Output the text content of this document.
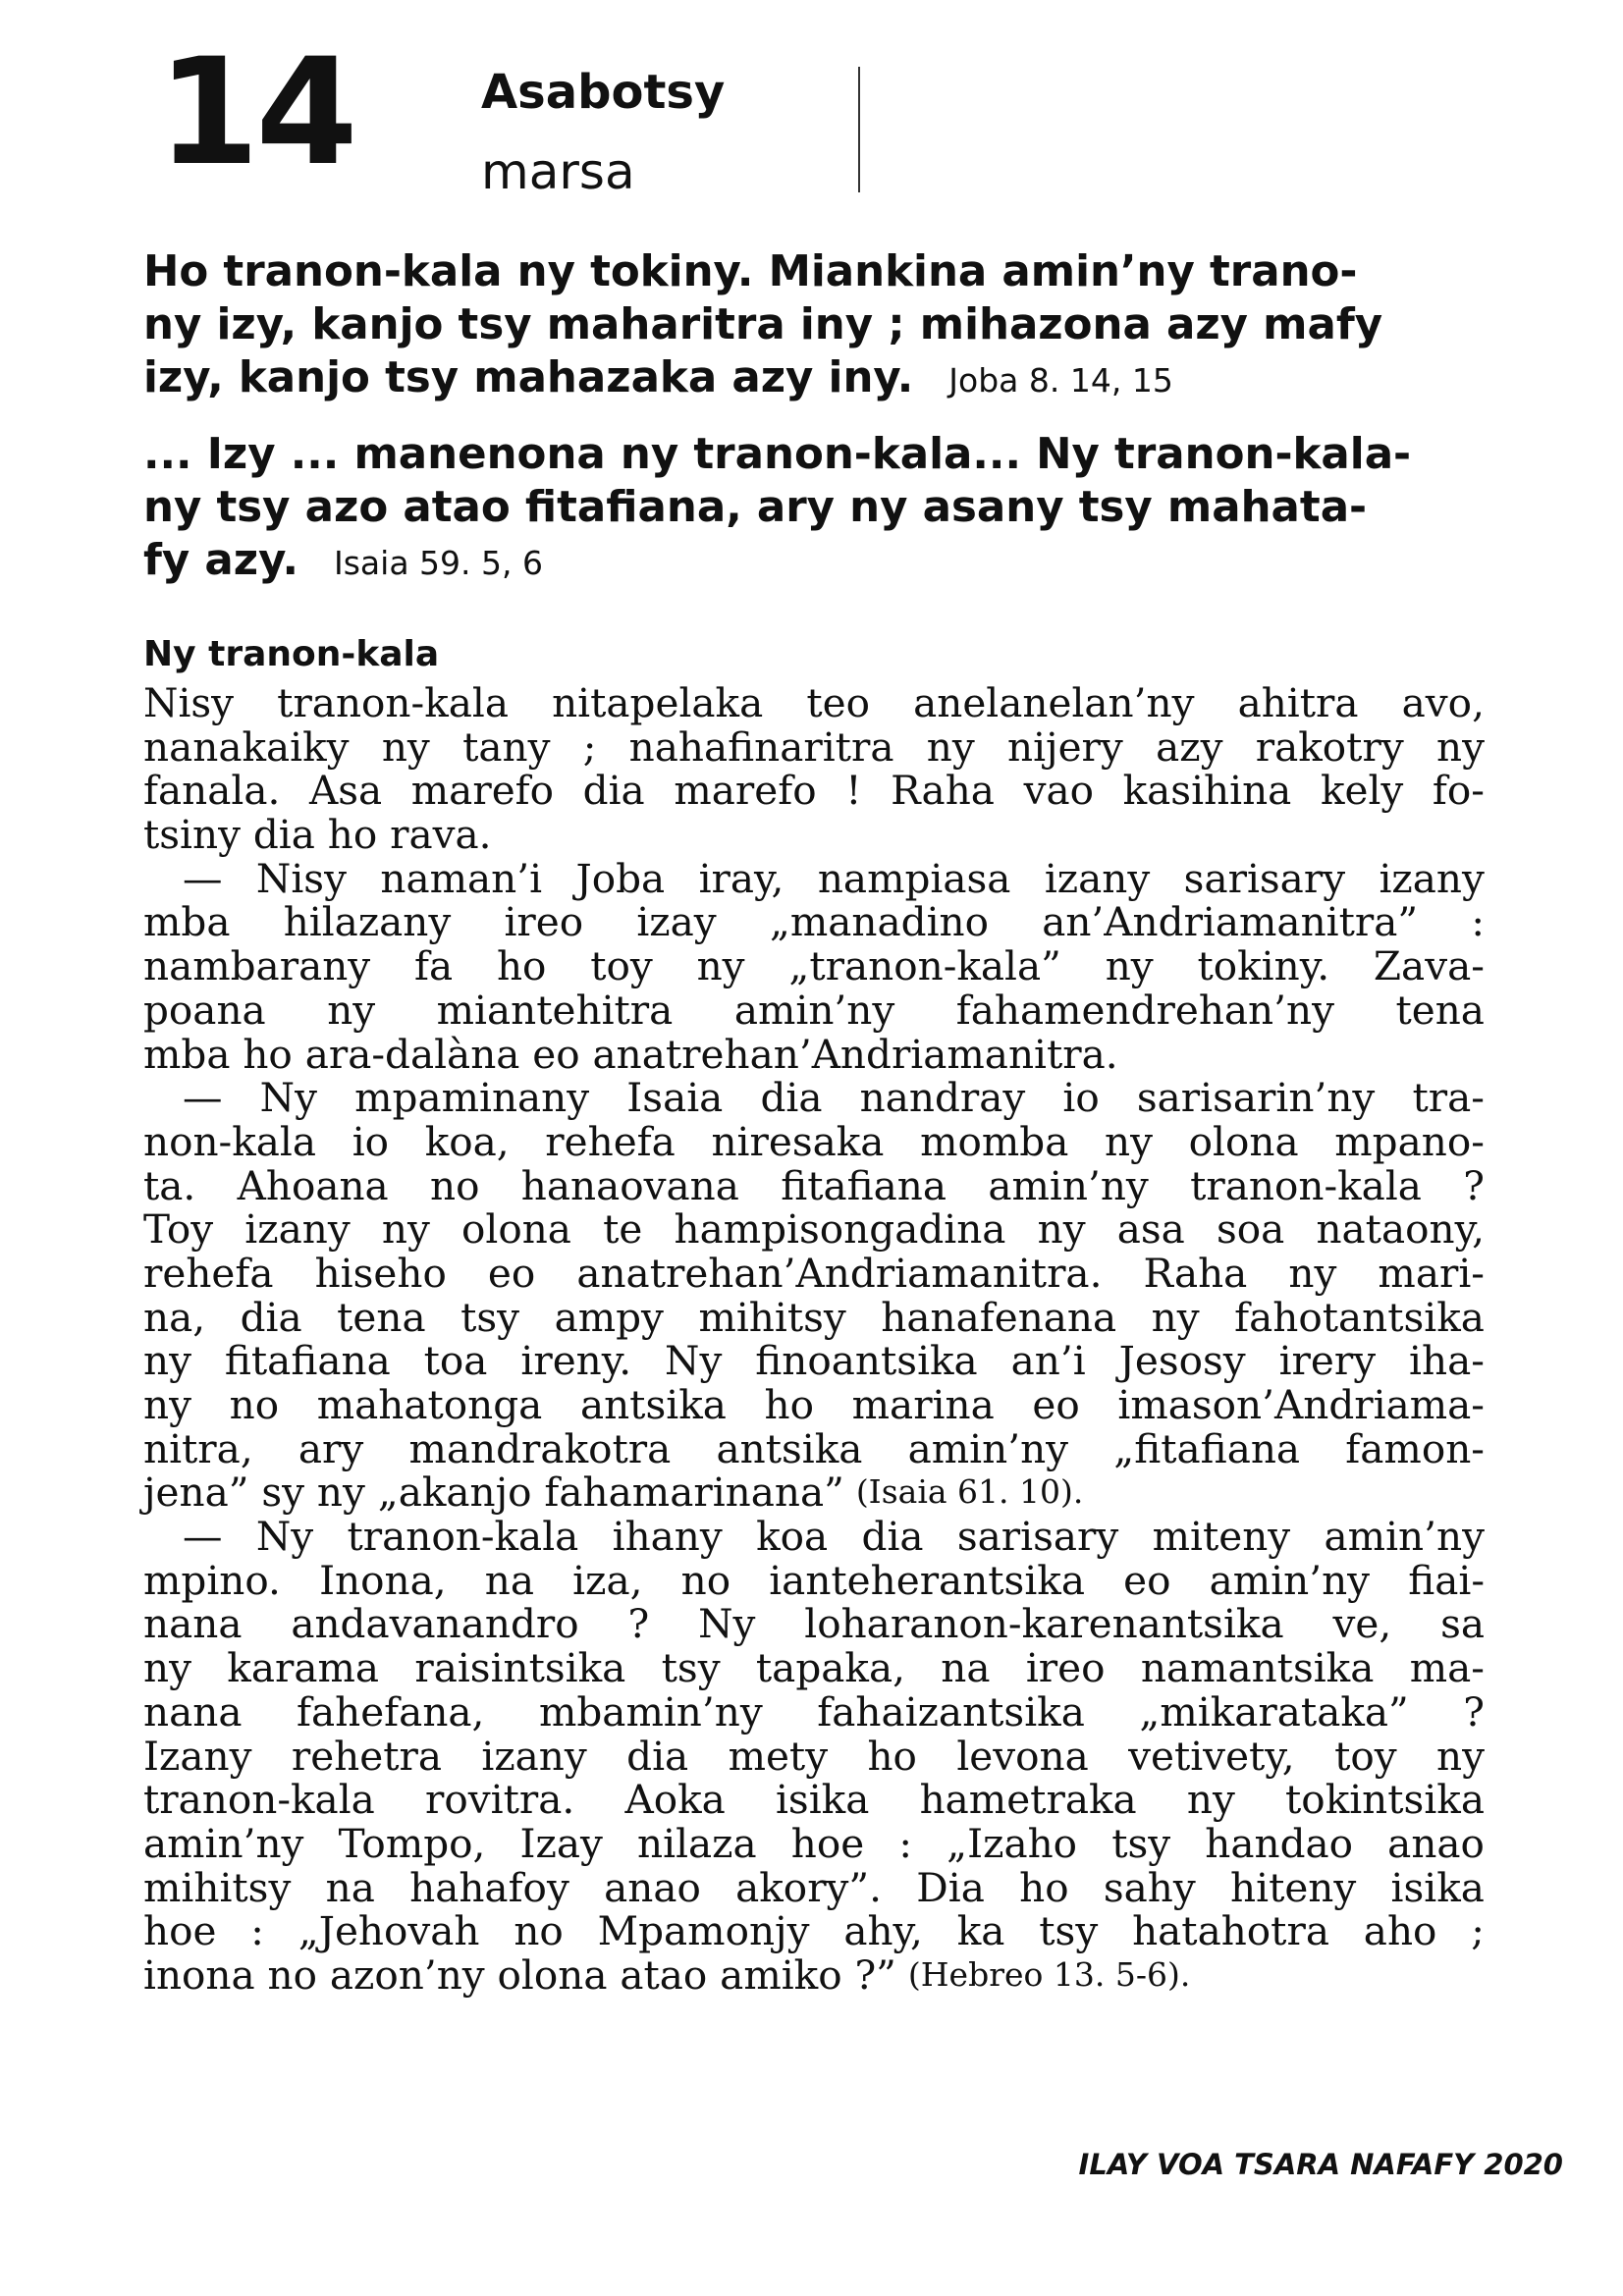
14	Asabotsy
marsa
Ho tranon-kala ny tokiny. Miankina amin’ny trano-
ny izy, kanjo tsy maharitra iny ; mihazona azy mafy
izy, kanjo tsy mahazaka azy iny. Joba 8. 14, 15
... Izy ... manenona ny tranon-kala... Ny tranon-kala-
ny tsy azo atao fitafiana, ary ny asany tsy mahata-
fy azy. Isaia 59. 5, 6
Ny tranon-kala
Nisy tranon-kala nitapelaka teo anelanelan’ny ahitra avo,
nanakaiky ny tany ; nahafinaritra ny nijery azy rakotry ny
fanala. Asa marefo dia marefo ! Raha vao kasihina kely fo-
tsiny dia ho rava.
— Nisy naman’i Joba iray, nampiasa izany sarisary izany
mba hilazany ireo izay „manadino an’Andriamanitra” :
nambarany fa ho toy ny „tranon-kala” ny tokiny. Zava-
poana ny miantehitra amin’ny fahamendrehan’ny tena
mba ho ara-dalàna eo anatrehan’Andriamanitra.
— Ny mpaminany Isaia dia nandray io sarisarin’ny tra-
non-kala io koa, rehefa niresaka momba ny olona mpano-
ta. Ahoana no hanaovana fitafiana amin’ny tranon-kala ?
Toy izany ny olona te hampisongadina ny asa soa nataony,
rehefa hiseho eo anatrehan’Andriamanitra. Raha ny mari-
na, dia tena tsy ampy mihitsy hanafenana ny fahotantsika
ny fitafiana toa ireny. Ny finoantsika an’i Jesosy irery iha-
ny no mahatonga antsika ho marina eo imason’Andriama-
nitra, ary mandrakotra antsika amin’ny „fitafiana famon-
jena” sy ny „akanjo fahamarinana” (Isaia 61. 10).
— Ny tranon-kala ihany koa dia sarisary miteny amin’ny
mpino. Inona, na iza, no ianteherantsika eo amin’ny fiai-
nana andavanandro ? Ny loharanon-karenantsika ve, sa
ny karama raisintsika tsy tapaka, na ireo namantsika ma-
nana fahefana, mbamin’ny fahaizantsika „mikarataka” ?
Izany rehetra izany dia mety ho levona vetivety, toy ny
tranon-kala rovitra. Aoka isika hametraka ny tokintsika
amin’ny Tompo, Izay nilaza hoe : „Izaho tsy handao anao
mihitsy na hahafoy anao akory”. Dia ho sahy hiteny isika
hoe : „Jehovah no Mpamonjy ahy, ka tsy hatahotra aho ;
inona no azon’ny olona atao amiko ?” (Hebreo 13. 5-6).
ILAY VOA TSARA NAFAFY 2020
